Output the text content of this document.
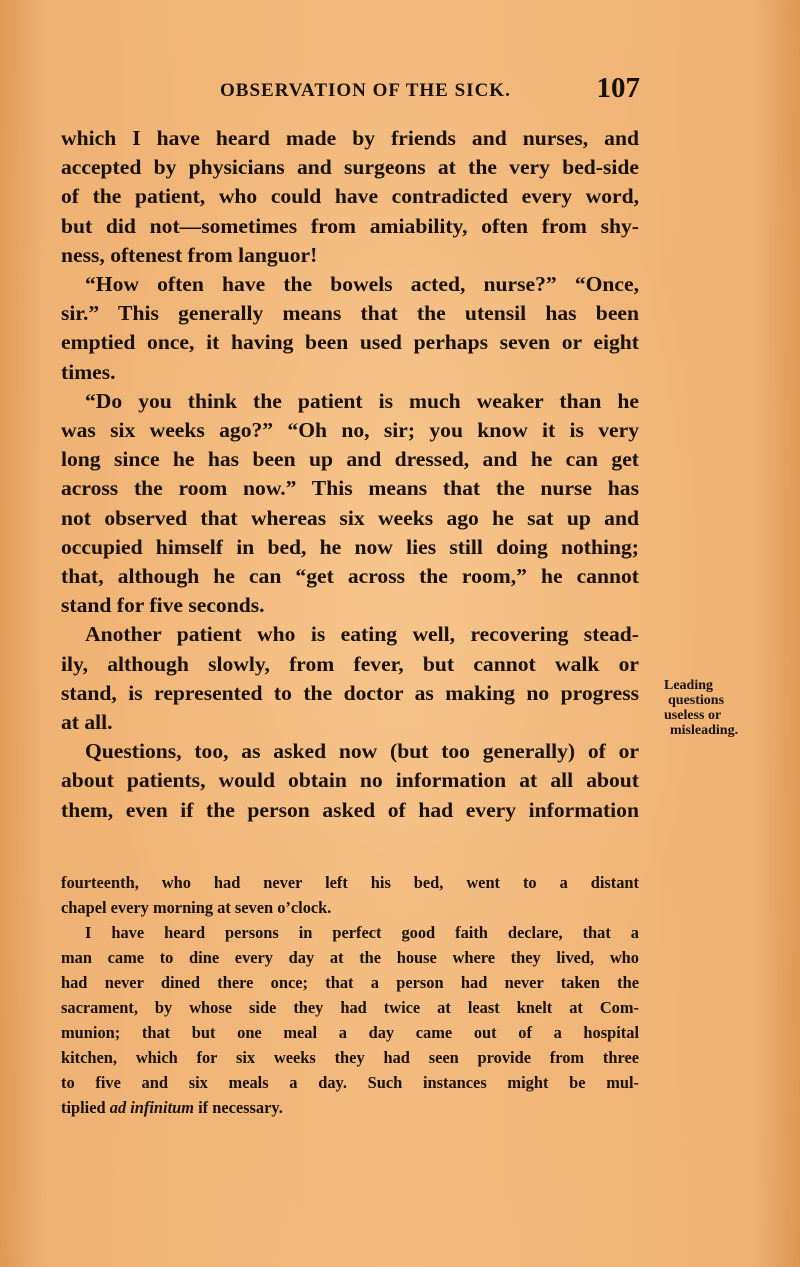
OBSERVATION OF THE SICK.	107

which I have heard made by friends and nurses, and

accepted by physicians and surgeons at the very bed-side

of the patient, who could have contradicted every word,

but did not—sometimes from amiability, often from shy-

ness, oftenest from languor!

“How often have the bowels acted, nurse?” “Once,

sir.” This generally means that the utensil has been

emptied once, it having been used perhaps seven or eight

times.

“Do you think the patient is much weaker than he

was six weeks ago?” “Oh no, sir; you know it is very

long since he has been up and dressed, and he can get

across the room now.” This means that the nurse has

not observed that whereas six weeks ago he sat up and

occupied himself in bed, he now lies still doing nothing;

that, although he can “get across the room,” he cannot

stand for five seconds.

Another patient who is eating well, recovering stead-

ily, although slowly, from fever, but cannot walk or

stand, is represented to the doctor as making no progress

at all.

Questions, too, as asked now (but too generally) of or

about patients, would obtain no information at all about

them, even if the person asked of had every information

Leading
questions
useless or
misleading.

fourteenth, who had never left his bed, went to a distant

chapel every morning at seven o’clock.

I have heard persons in perfect good faith declare, that a

man came to dine every day at the house where they lived, who

had never dined there once; that a person had never taken the

sacrament, by whose side they had twice at least knelt at Com-

munion; that but one meal a day came out of a hospital

kitchen, which for six weeks they had seen provide from three

to five and six meals a day. Such instances might be mul-

tiplied ad infinitum if necessary.
